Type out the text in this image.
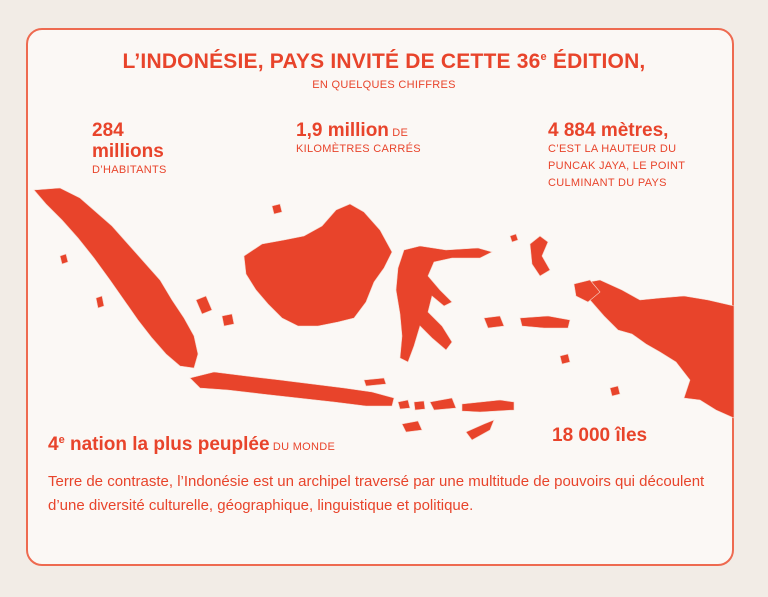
L’INDONÉSIE, PAYS INVITÉ DE CETTE 36e ÉDITION,
EN QUELQUES CHIFFRES
284
millions
D’HABITANTS
1,9 million DE
KILOMÈTRES CARRÉS
4 884 mètres,
C’EST LA HAUTEUR DU
PUNCAK JAYA, LE POINT
CULMINANT DU PAYS
4e nation la plus peuplée DU MONDE
18 000 îles
Terre de contraste, l’Indonésie est un archipel traversé par une multitude de pouvoirs qui découlent d’une diversité culturelle, géographique, linguistique et politique.
